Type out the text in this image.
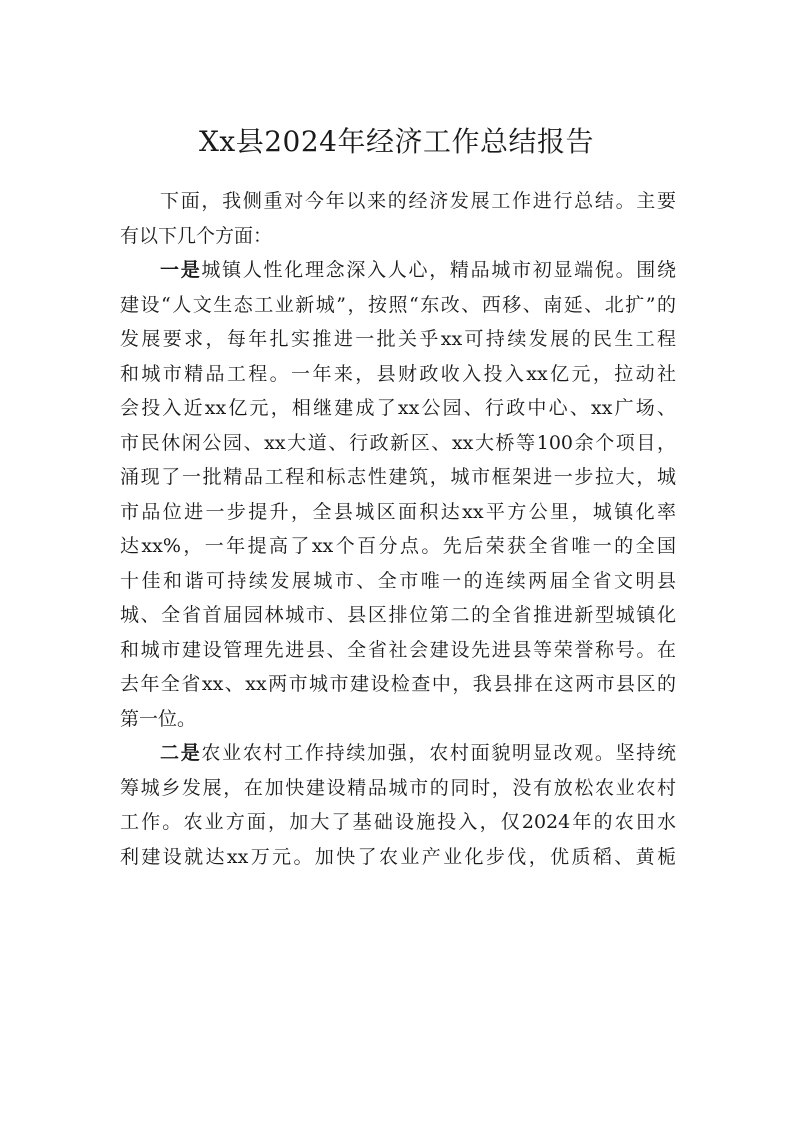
Xx县2024年经济工作总结报告
下面，我侧重对今年以来的经济发展工作进行总结。主要
有以下几个方面：
一是城镇人性化理念深入人心，精品城市初显端倪。围绕
建设“人文生态工业新城”，按照“东改、西移、南延、北扩”的
发展要求，每年扎实推进一批关乎xx可持续发展的民生工程
和城市精品工程。一年来，县财政收入投入xx亿元，拉动社
会投入近xx亿元，相继建成了xx公园、行政中心、xx广场、
市民休闲公园、xx大道、行政新区、xx大桥等100余个项目，
涌现了一批精品工程和标志性建筑，城市框架进一步拉大，城
市品位进一步提升，全县城区面积达xx平方公里，城镇化率
达xx%，一年提高了xx个百分点。先后荣获全省唯一的全国
十佳和谐可持续发展城市、全市唯一的连续两届全省文明县
城、全省首届园林城市、县区排位第二的全省推进新型城镇化
和城市建设管理先进县、全省社会建设先进县等荣誉称号。在
去年全省xx、xx两市城市建设检查中，我县排在这两市县区的
第一位。
二是农业农村工作持续加强，农村面貌明显改观。坚持统
筹城乡发展，在加快建设精品城市的同时，没有放松农业农村
工作。农业方面，加大了基础设施投入，仅2024年的农田水
利建设就达xx万元。加快了农业产业化步伐，优质稻、黄栀
